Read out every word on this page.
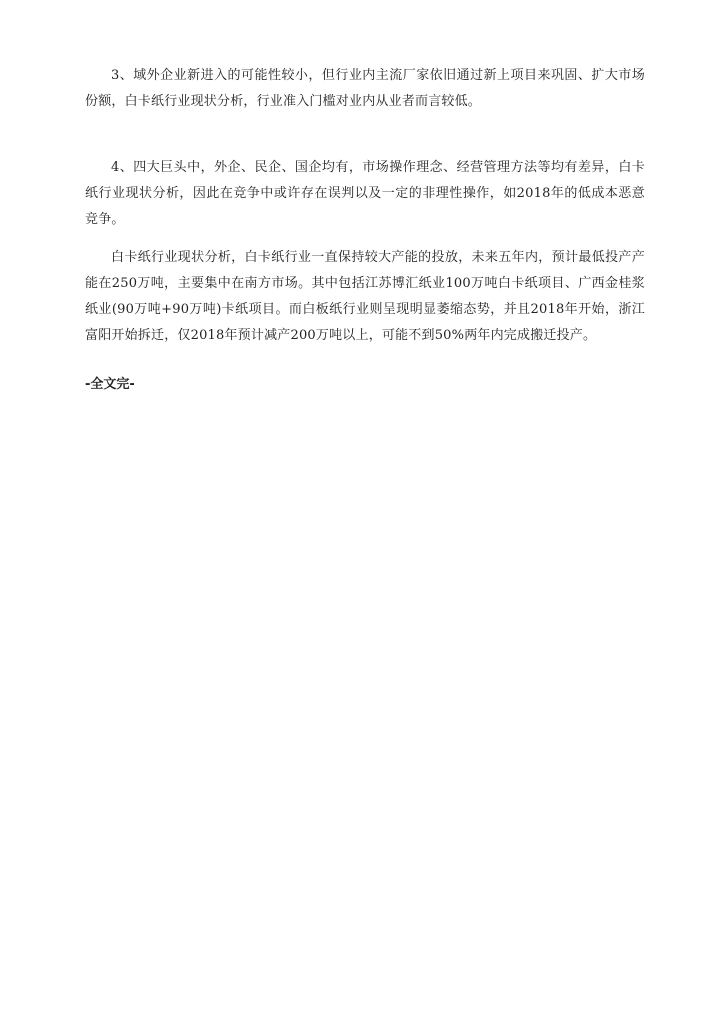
3、域外企业新进入的可能性较小，但行业内主流厂家依旧通过新上项目来巩固、扩大市场份额，白卡纸行业现状分析，行业准入门槛对业内从业者而言较低。

4、四大巨头中，外企、民企、国企均有，市场操作理念、经营管理方法等均有差异，白卡纸行业现状分析，因此在竞争中或许存在误判以及一定的非理性操作，如2018年的低成本恶意竞争。

白卡纸行业现状分析，白卡纸行业一直保持较大产能的投放，未来五年内，预计最低投产产能在250万吨，主要集中在南方市场。其中包括江苏博汇纸业100万吨白卡纸项目、广西金桂浆纸业(90万吨+90万吨)卡纸项目。而白板纸行业则呈现明显萎缩态势，并且2018年开始，浙江富阳开始拆迁，仅2018年预计减产200万吨以上，可能不到50%两年内完成搬迁投产。

-全文完-
